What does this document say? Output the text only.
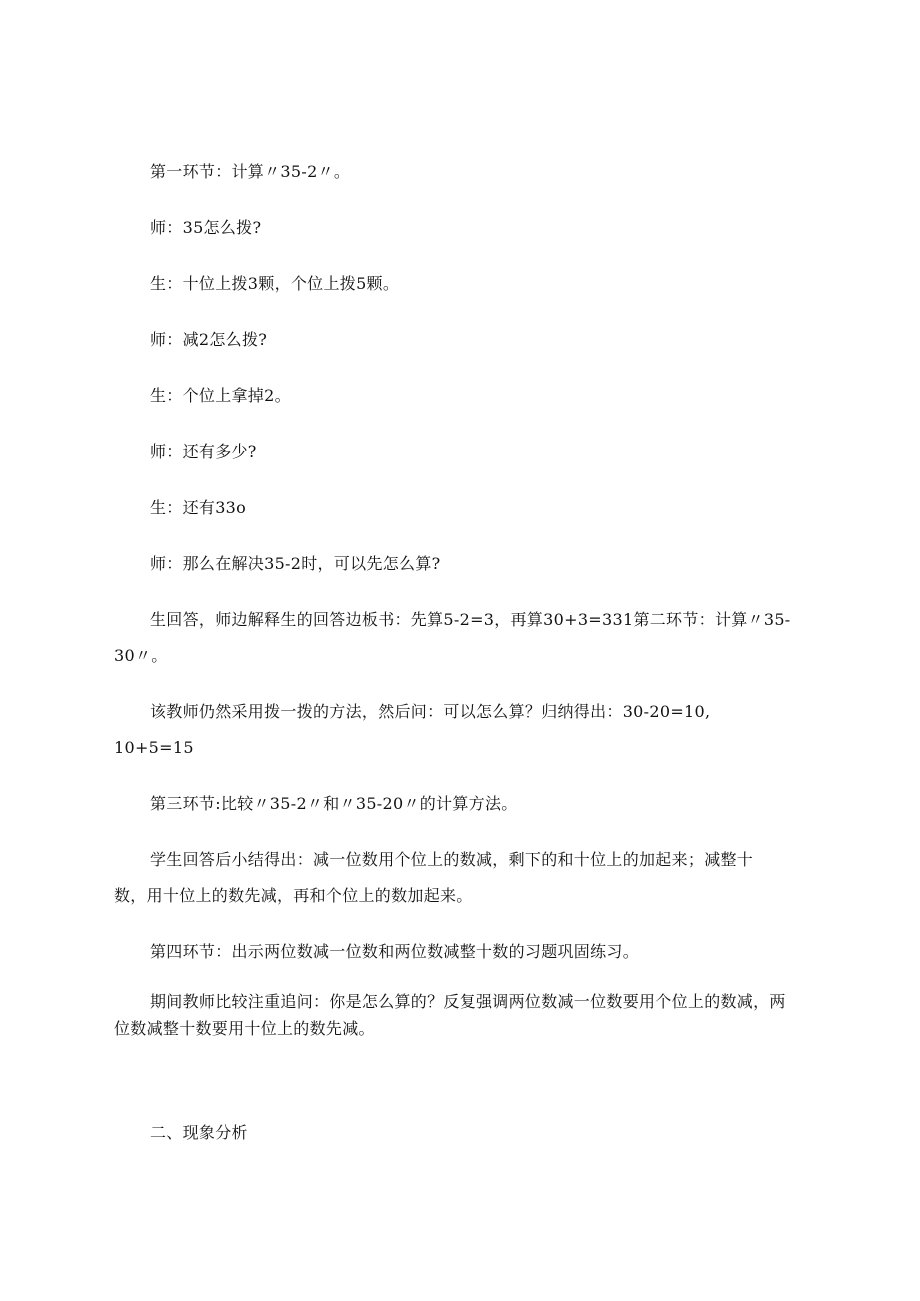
第一环节：计算〃35-2〃。
师：35怎么拨?
生：十位上拨3颗，个位上拨5颗。
师：减2怎么拨?
生：个位上拿掉2。
师：还有多少?
生：还有33o
师：那么在解决35-2时，可以先怎么算?
生回答，师边解释生的回答边板书：先算5-2=3，再算30+3=331第二环节：计算〃35-
30〃。
该教师仍然采用拨一拨的方法，然后问：可以怎么算？归纳得出：30-20=10,
10+5=15
第三环节:比较〃35-2〃和〃35-20〃的计算方法。
学生回答后小结得出：减一位数用个位上的数减，剩下的和十位上的加起来；减整十
数，用十位上的数先减，再和个位上的数加起来。
第四环节：出示两位数减一位数和两位数减整十数的习题巩固练习。
期间教师比较注重追问：你是怎么算的？反复强调两位数减一位数要用个位上的数减，两
位数减整十数要用十位上的数先减。
二、现象分析
